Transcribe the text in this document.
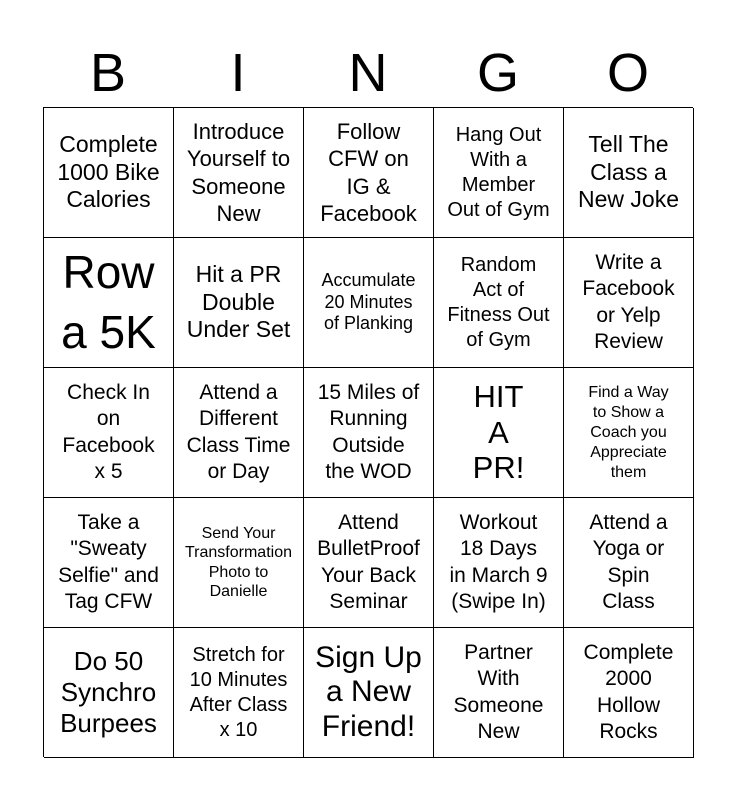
B	I	N	G	O
Complete
1000 Bike
Calories
Introduce
Yourself to
Someone
New
Follow
CFW on
IG &
Facebook
Hang Out
With a
Member
Out of Gym
Tell The
Class a
New Joke
Row
a 5K
Hit a PR
Double
Under Set
Accumulate
20 Minutes
of Planking
Random
Act of
Fitness Out
of Gym
Write a
Facebook
or Yelp
Review
Check In
on
Facebook
x 5
Attend a
Different
Class Time
or Day
15 Miles of
Running
Outside
the WOD
HIT
A
PR!
Find a Way
to Show a
Coach you
Appreciate
them
Take a
"Sweaty
Selfie" and
Tag CFW
Send Your
Transformation
Photo to
Danielle
Attend
BulletProof
Your Back
Seminar
Workout
18 Days
in March 9
(Swipe In)
Attend a
Yoga or
Spin
Class
Do 50
Synchro
Burpees
Stretch for
10 Minutes
After Class
x 10
Sign Up
a New
Friend!
Partner
With
Someone
New
Complete
2000
Hollow
Rocks
